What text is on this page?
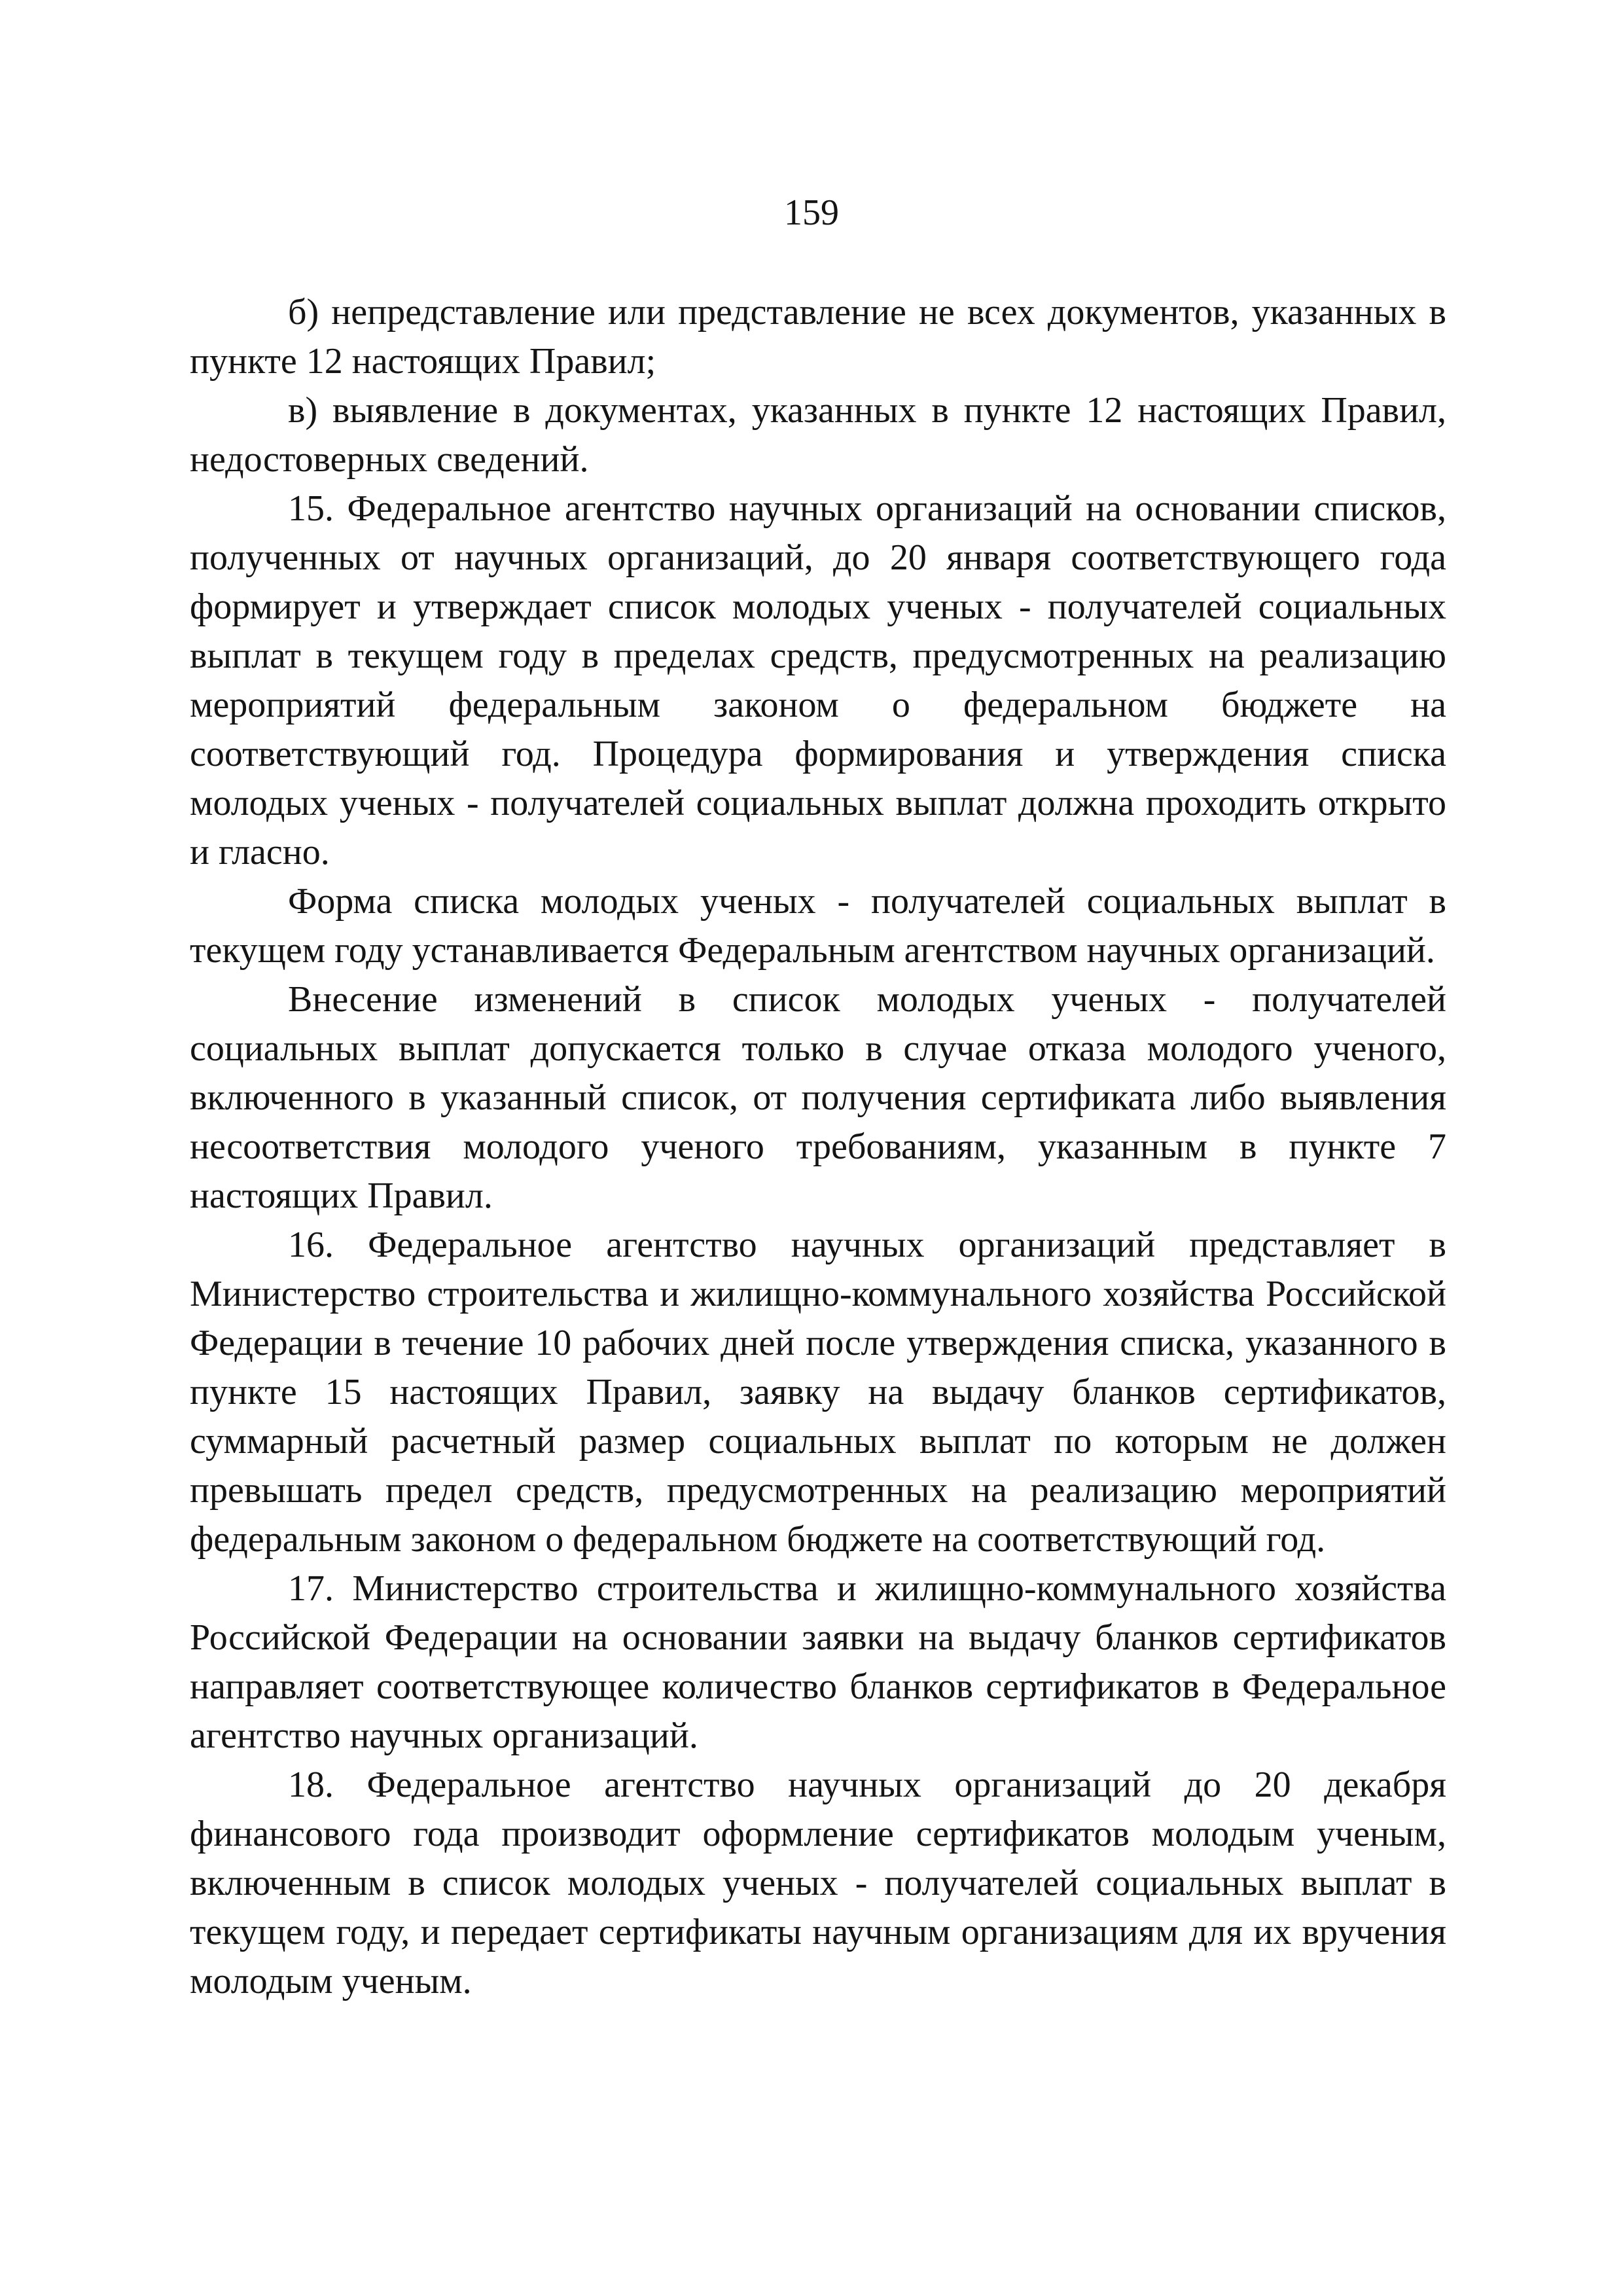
159

б) непредставление или представление не всех документов, указанных в пункте 12 настоящих Правил;

в) выявление в документах, указанных в пункте 12 настоящих Правил, недостоверных сведений.

15. Федеральное агентство научных организаций на основании списков, полученных от научных организаций, до 20 января соответствующего года формирует и утверждает список молодых ученых - получателей социальных выплат в текущем году в пределах средств, предусмотренных на реализацию мероприятий федеральным законом о федеральном бюджете на соответствующий год. Процедура формирования и утверждения списка молодых ученых - получателей социальных выплат должна проходить открыто и гласно.

Форма списка молодых ученых - получателей социальных выплат в текущем году устанавливается Федеральным агентством научных организаций.

Внесение изменений в список молодых ученых - получателей социальных выплат допускается только в случае отказа молодого ученого, включенного в указанный список, от получения сертификата либо выявления несоответствия молодого ученого требованиям, указанным в пункте 7 настоящих Правил.

16. Федеральное агентство научных организаций представляет в Министерство строительства и жилищно-коммунального хозяйства Российской Федерации в течение 10 рабочих дней после утверждения списка, указанного в пункте 15 настоящих Правил, заявку на выдачу бланков сертификатов, суммарный расчетный размер социальных выплат по которым не должен превышать предел средств, предусмотренных на реализацию мероприятий федеральным законом о федеральном бюджете на соответствующий год.

17. Министерство строительства и жилищно-коммунального хозяйства Российской Федерации на основании заявки на выдачу бланков сертификатов направляет соответствующее количество бланков сертификатов в Федеральное агентство научных организаций.

18. Федеральное агентство научных организаций до 20 декабря финансового года производит оформление сертификатов молодым ученым, включенным в список молодых ученых - получателей социальных выплат в текущем году, и передает сертификаты научным организациям для их вручения молодым ученым.
